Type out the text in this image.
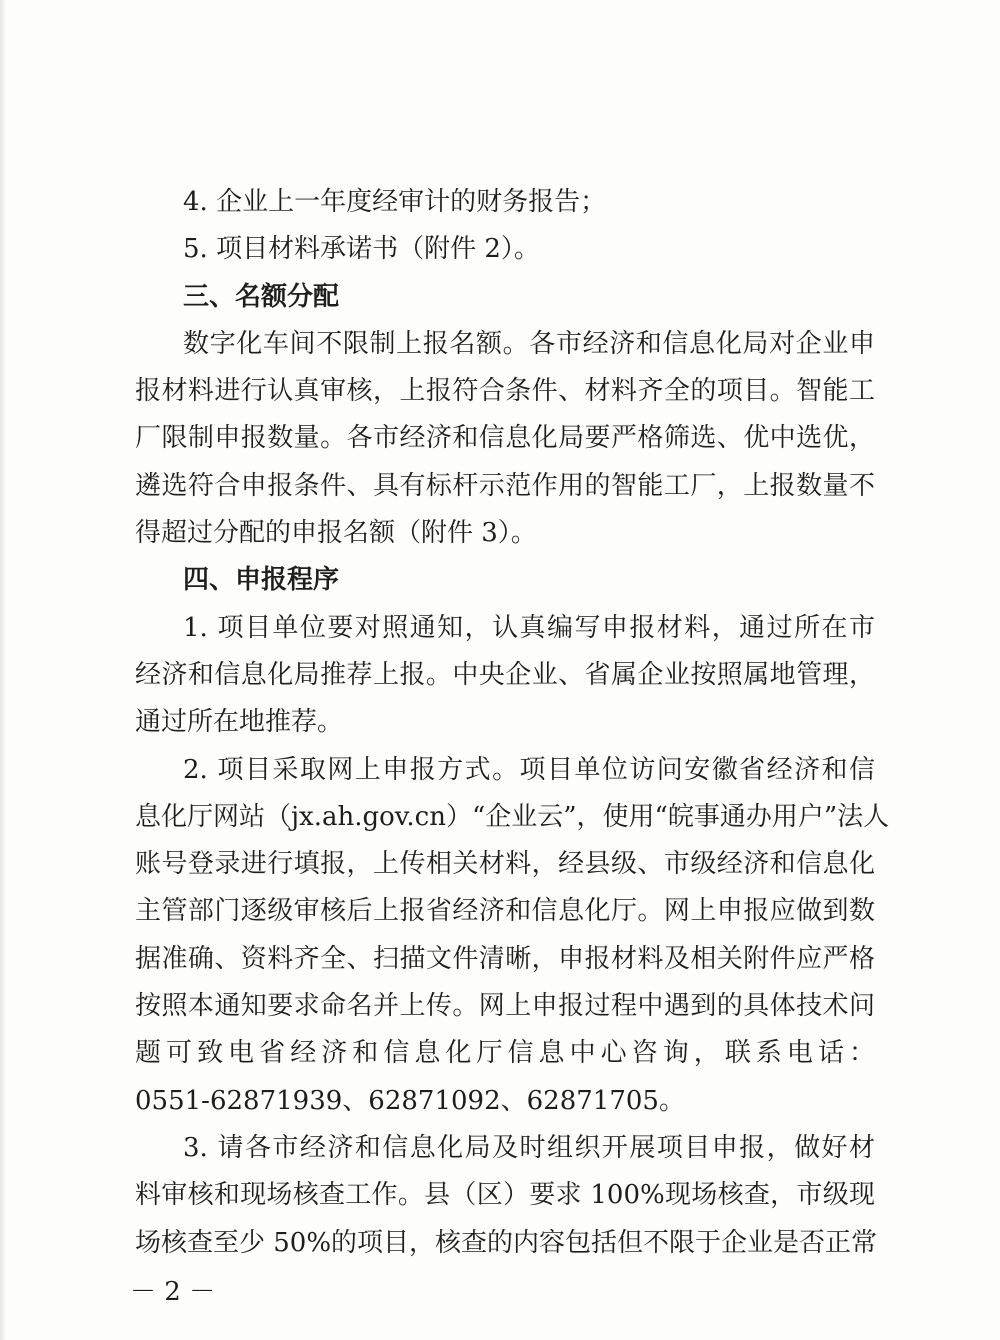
4. 企业上一年度经审计的财务报告；
5. 项目材料承诺书（附件 2）。
三、名额分配
数字化车间不限制上报名额。各市经济和信息化局对企业申
报材料进行认真审核，上报符合条件、材料齐全的项目。智能工
厂限制申报数量。各市经济和信息化局要严格筛选、优中选优，
遴选符合申报条件、具有标杆示范作用的智能工厂，上报数量不
得超过分配的申报名额（附件 3）。
四、申报程序
1. 项目单位要对照通知，认真编写申报材料，通过所在市
经济和信息化局推荐上报。中央企业、省属企业按照属地管理，
通过所在地推荐。
2. 项目采取网上申报方式。项目单位访问安徽省经济和信
息化厅网站（jx.ah.gov.cn）“企业云”，使用“皖事通办用户”法人
账号登录进行填报，上传相关材料，经县级、市级经济和信息化
主管部门逐级审核后上报省经济和信息化厅。网上申报应做到数
据准确、资料齐全、扫描文件清晰，申报材料及相关附件应严格
按照本通知要求命名并上传。网上申报过程中遇到的具体技术问
题可致电省经济和信息化厅信息中心咨询，联系电话：
0551-62871939、62871092、62871705。
3. 请各市经济和信息化局及时组织开展项目申报，做好材
料审核和现场核查工作。县（区）要求 100%现场核查，市级现
场核查至少 50%的项目，核查的内容包括但不限于企业是否正常
－ 2 －
